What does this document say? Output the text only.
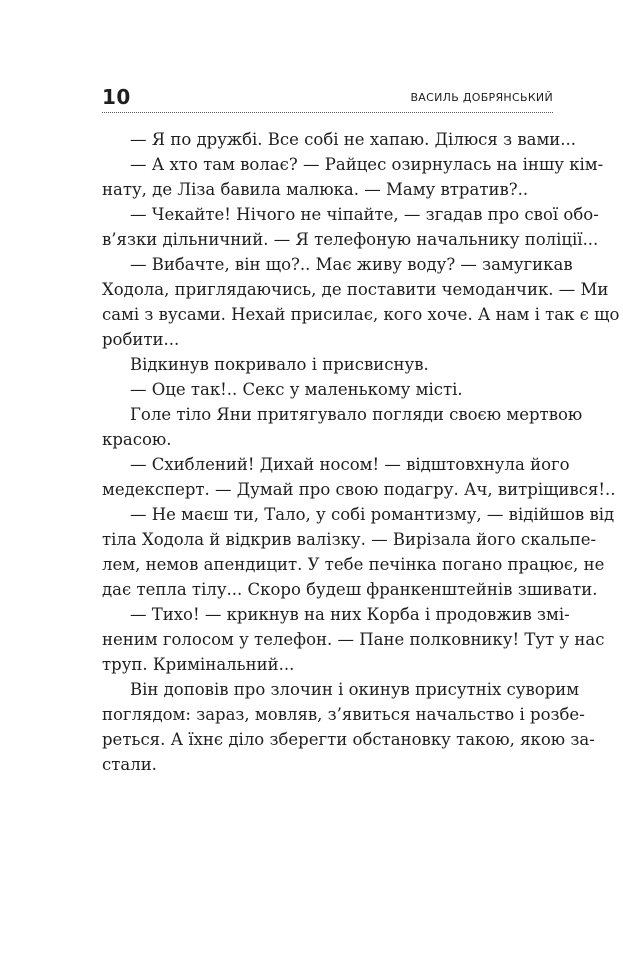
10	ВАСИЛЬ ДОБРЯНСЬКИЙ
— Я по дружбі. Все собі не хапаю. Ділюся з вами...
— А хто там волає? — Райцес озирнулась на іншу кім-
нату, де Ліза бавила малюка. — Маму втратив?..
— Чекайте! Нічого не чіпайте, — згадав про свої обо-
в’язки дільничний. — Я телефоную начальнику поліції...
— Вибачте, він що?.. Має живу воду? — замугикав
Ходола, приглядаючись, де поставити чемоданчик. — Ми
самі з вусами. Нехай присилає, кого хоче. А нам і так є що
робити...
Відкинув покривало і присвиснув.
— Оце так!.. Секс у маленькому місті.
Голе тіло Яни притягувало погляди своєю мертвою
красою.
— Схиблений! Дихай носом! — відштовхнула його
медексперт. — Думай про свою подагру. Ач, витріщився!..
— Не маєш ти, Тало, у собі романтизму, — відійшов від
тіла Ходола й відкрив валізку. — Вирізала його скальпе-
лем, немов апендицит. У тебе печінка погано працює, не
дає тепла тілу... Скоро будеш франкенштейнів зшивати.
— Тихо! — крикнув на них Корба і продовжив змі-
неним голосом у телефон. — Пане полковнику! Тут у нас
труп. Кримінальний...
Він доповів про злочин і окинув присутніх суворим
поглядом: зараз, мовляв, з’явиться начальство і розбе-
реться. А їхнє діло зберегти обстановку такою, якою за-
стали.
